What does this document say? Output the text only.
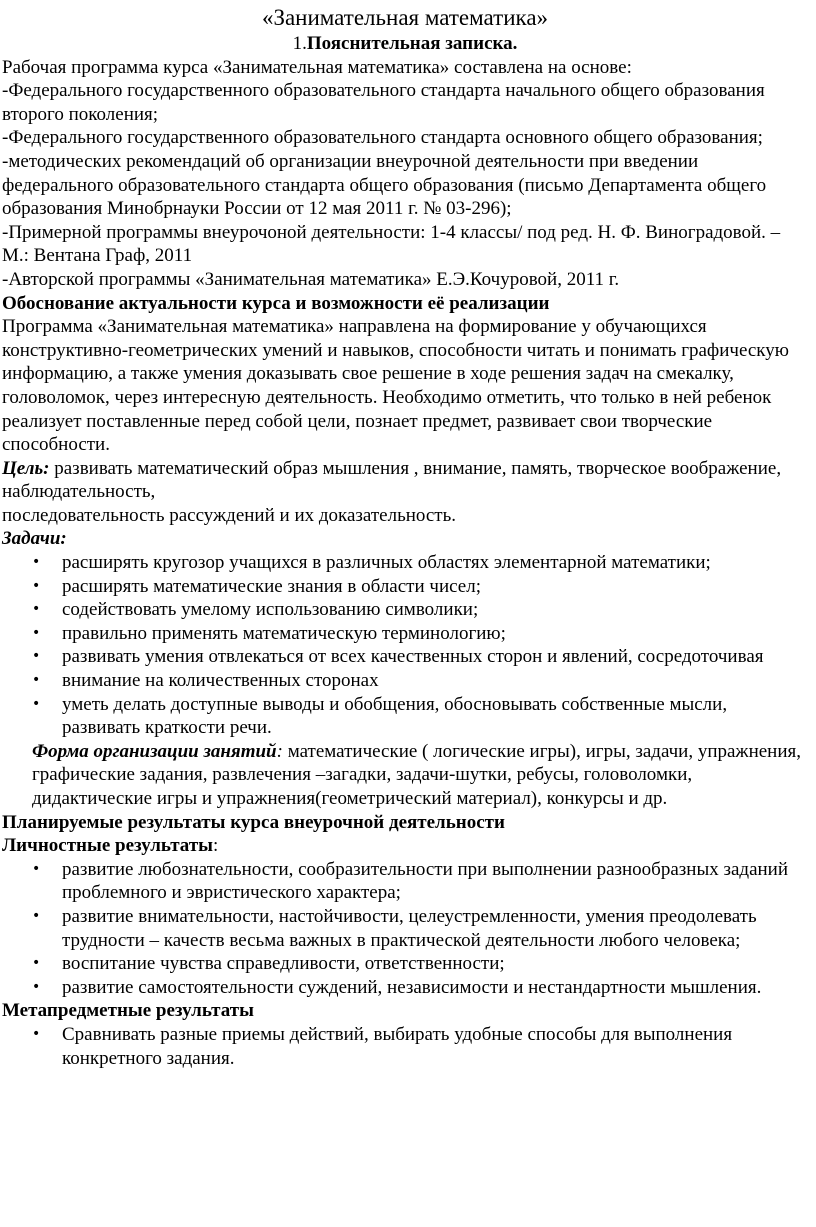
«Занимательная математика»
1.Пояснительная записка.

Рабочая программа курса «Занимательная математика» составлена на основе:

-Федерального государственного образовательного стандарта начального общего образования второго поколения;

-Федерального государственного образовательного стандарта основного общего образования;

-методических рекомендаций об организации внеурочной деятельности при введении федерального образовательного стандарта общего образования (письмо Департамента общего образования Минобрнауки России от 12 мая 2011 г. № 03-296);

-Примерной программы внеурочоной деятельности: 1-4 классы/ под ред. Н. Ф. Виноградовой. – М.: Вентана Граф, 2011

-Авторской программы «Занимательная математика» Е.Э.Кочуровой, 2011 г.

Обоснование актуальности курса и возможности её реализации

Программа «Занимательная математика» направлена на формирование у обучающихся конструктивно-геометрических умений и навыков, способности читать и понимать графическую информацию, а также умения доказывать свое решение в ходе решения задач на смекалку, головоломок, через интересную деятельность. Необходимо отметить, что только в ней ребенок реализует поставленные перед собой цели, познает предмет, развивает свои творческие способности.

Цель: развивать математический образ мышления , внимание, память, творческое воображение, наблюдательность,

последовательность рассуждений и их доказательность.

Задачи:

• расширять кругозор учащихся в различных областях элементарной математики;
• расширять математические знания в области чисел;
• содействовать умелому использованию символики;
• правильно применять математическую терминологию;
• развивать умения отвлекаться от всех качественных сторон и явлений, сосредоточивая
• внимание на количественных сторонах
• уметь делать доступные выводы и обобщения, обосновывать собственные мысли, развивать краткости речи.

Форма организации занятий: математические ( логические игры), игры, задачи, упражнения, графические задания, развлечения –загадки, задачи-шутки, ребусы, головоломки, дидактические игры и упражнения(геометрический материал), конкурсы и др.

Планируемые результаты курса внеурочной деятельности

Личностные результаты:

• развитие любознательности, сообразительности при выполнении разнообразных заданий проблемного и эвристического характера;
• развитие внимательности, настойчивости, целеустремленности, умения преодолевать трудности – качеств весьма важных в практической деятельности любого человека;
• воспитание чувства справедливости, ответственности;
• развитие самостоятельности суждений, независимости и нестандартности мышления.

Метапредметные результаты

• Сравнивать разные приемы действий, выбирать удобные способы для выполнения конкретного задания.
